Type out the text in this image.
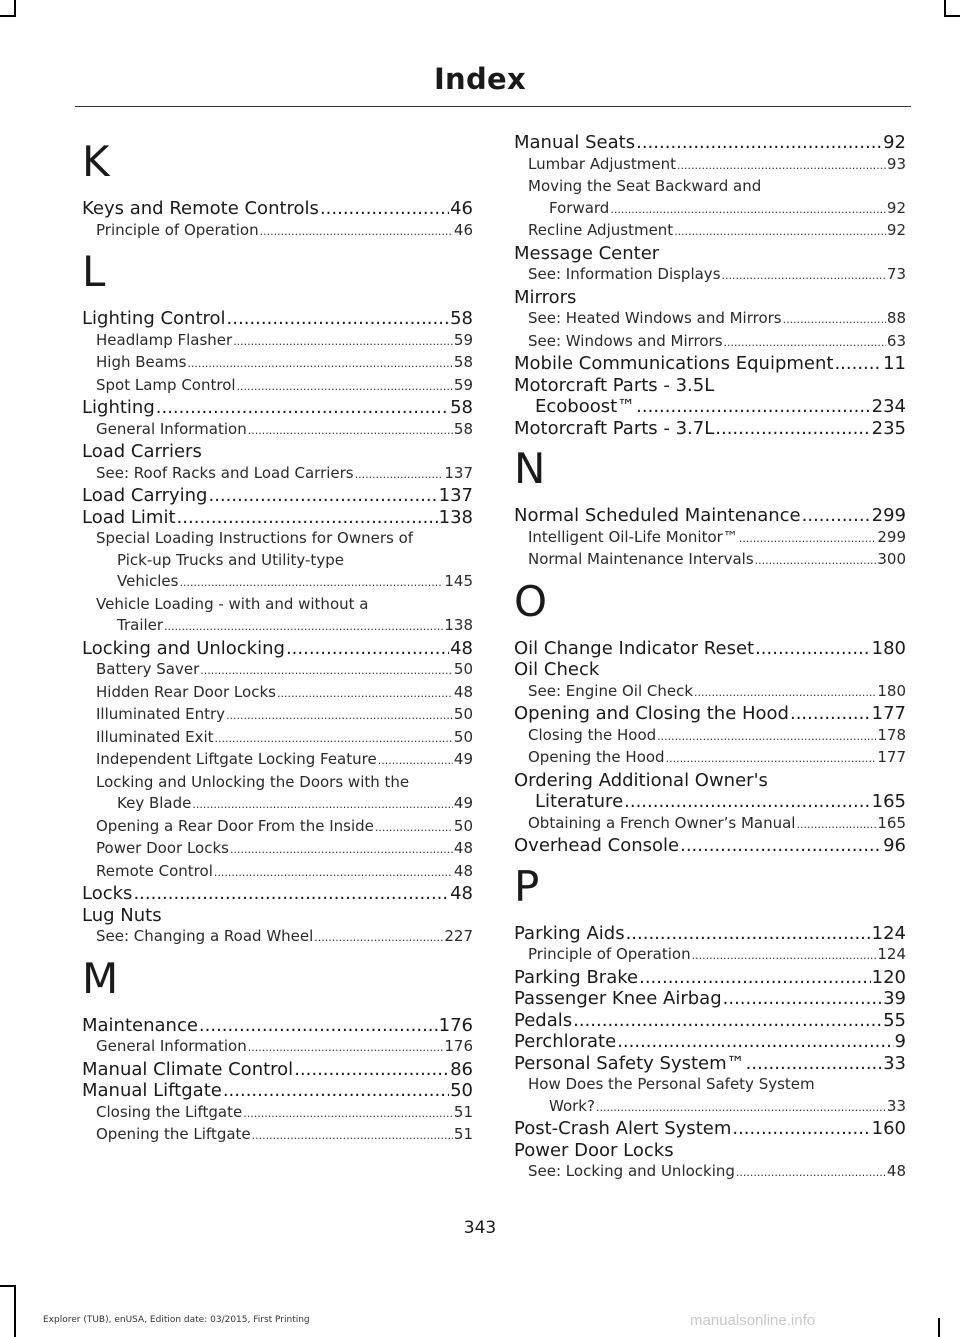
Index
K
Keys and Remote Controls .....	46
Principle of Operation .....	46
L
Lighting Control .....	58
Headlamp Flasher .....	59
High Beams .....	58
Spot Lamp Control .....	59
Lighting .....	58
General Information .....	58
Load Carriers
See: Roof Racks and Load Carriers .....	137
Load Carrying .....	137
Load Limit .....	138
Special Loading Instructions for Owners of
Pick-up Trucks and Utility-type
Vehicles .....	145
Vehicle Loading - with and without a
Trailer .....	138
Locking and Unlocking .....	48
Battery Saver .....	50
Hidden Rear Door Locks .....	48
Illuminated Entry .....	50
Illuminated Exit .....	50
Independent Liftgate Locking Feature .....	49
Locking and Unlocking the Doors with the
Key Blade .....	49
Opening a Rear Door From the Inside .....	50
Power Door Locks .....	48
Remote Control .....	48
Locks .....	48
Lug Nuts
See: Changing a Road Wheel .....	227
M
Maintenance .....	176
General Information .....	176
Manual Climate Control .....	86
Manual Liftgate .....	50
Closing the Liftgate .....	51
Opening the Liftgate .....	51
Manual Seats .....	92
Lumbar Adjustment .....	93
Moving the Seat Backward and
Forward .....	92
Recline Adjustment .....	92
Message Center
See: Information Displays .....	73
Mirrors
See: Heated Windows and Mirrors .....	88
See: Windows and Mirrors .....	63
Mobile Communications Equipment .....	11
Motorcraft Parts - 3.5L
Ecoboost™ .....	234
Motorcraft Parts - 3.7L .....	235
N
Normal Scheduled Maintenance .....	299
Intelligent Oil-Life Monitor™ .....	299
Normal Maintenance Intervals .....	300
O
Oil Change Indicator Reset .....	180
Oil Check
See: Engine Oil Check .....	180
Opening and Closing the Hood .....	177
Closing the Hood .....	178
Opening the Hood .....	177
Ordering Additional Owner's
Literature .....	165
Obtaining a French Owner’s Manual .....	165
Overhead Console .....	96
P
Parking Aids .....	124
Principle of Operation .....	124
Parking Brake .....	120
Passenger Knee Airbag .....	39
Pedals .....	55
Perchlorate .....	9
Personal Safety System™ .....	33
How Does the Personal Safety System
Work? .....	33
Post-Crash Alert System .....	160
Power Door Locks
See: Locking and Unlocking .....	48
343
Explorer (TUB), enUSA, Edition date: 03/2015, First Printing	manualsonline.info
